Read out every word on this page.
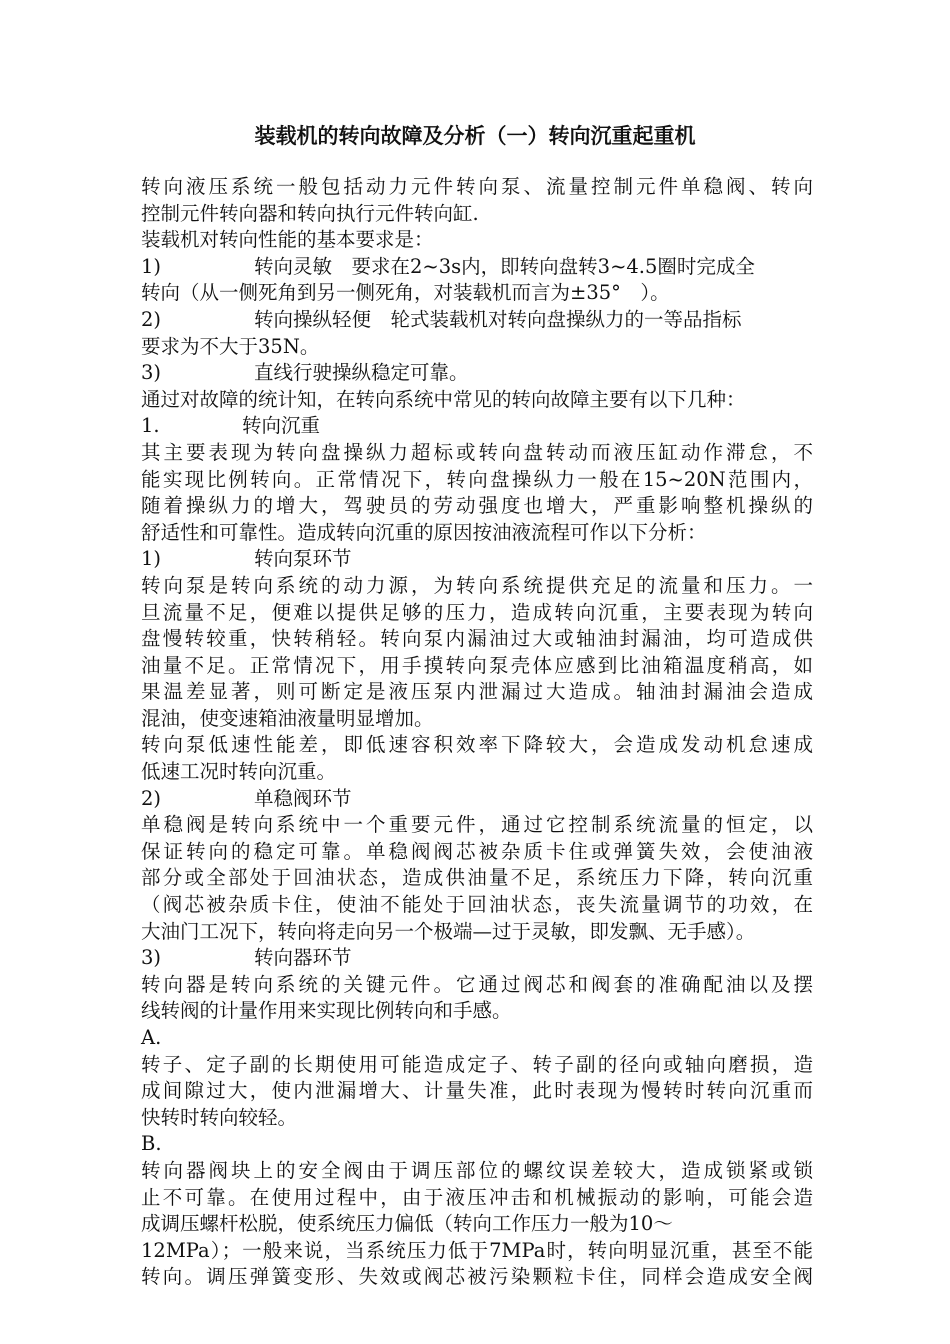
装载机的转向故障及分析（一）转向沉重起重机
转向液压系统一般包括动力元件转向泵、流量控制元件单稳阀、转向
控制元件转向器和转向执行元件转向缸.
装载机对转向性能的基本要求是：
1)	转向灵敏　要求在2~3s内，即转向盘转3~4.5圈时完成全
转向（从一侧死角到另一侧死角，对装载机而言为±35°　）。
2)	转向操纵轻便　轮式装载机对转向盘操纵力的一等品指标
要求为不大于35N。
3)	直线行驶操纵稳定可靠。
通过对故障的统计知，在转向系统中常见的转向故障主要有以下几种：
1.	转向沉重
其主要表现为转向盘操纵力超标或转向盘转动而液压缸动作滞怠，不
能实现比例转向。正常情况下，转向盘操纵力一般在15~20N范围内，
随着操纵力的增大，驾驶员的劳动强度也增大，严重影响整机操纵的
舒适性和可靠性。造成转向沉重的原因按油液流程可作以下分析：
1)	转向泵环节
转向泵是转向系统的动力源，为转向系统提供充足的流量和压力。一
旦流量不足，便难以提供足够的压力，造成转向沉重，主要表现为转向
盘慢转较重，快转稍轻。转向泵内漏油过大或轴油封漏油，均可造成供
油量不足。正常情况下，用手摸转向泵壳体应感到比油箱温度稍高，如
果温差显著，则可断定是液压泵内泄漏过大造成。轴油封漏油会造成
混油，使变速箱油液量明显增加。
转向泵低速性能差，即低速容积效率下降较大，会造成发动机怠速成
低速工况时转向沉重。
2)	单稳阀环节
单稳阀是转向系统中一个重要元件，通过它控制系统流量的恒定，以
保证转向的稳定可靠。单稳阀阀芯被杂质卡住或弹簧失效，会使油液
部分或全部处于回油状态，造成供油量不足，系统压力下降，转向沉重
（阀芯被杂质卡住，使油不能处于回油状态，丧失流量调节的功效，在
大油门工况下，转向将走向另一个极端—过于灵敏，即发飘、无手感）。
3)	转向器环节
转向器是转向系统的关键元件。它通过阀芯和阀套的准确配油以及摆
线转阀的计量作用来实现比例转向和手感。
A.
转子、定子副的长期使用可能造成定子、转子副的径向或轴向磨损，造
成间隙过大，使内泄漏增大、计量失准，此时表现为慢转时转向沉重而
快转时转向较轻。
B.
转向器阀块上的安全阀由于调压部位的螺纹误差较大，造成锁紧或锁
止不可靠。在使用过程中，由于液压冲击和机械振动的影响，可能会造
成调压螺杆松脱，使系统压力偏低（转向工作压力一般为10～
12MPa）；一般来说，当系统压力低于7MPa时，转向明显沉重，甚至不能
转向。调压弹簧变形、失效或阀芯被污染颗粒卡住，同样会造成安全阀
